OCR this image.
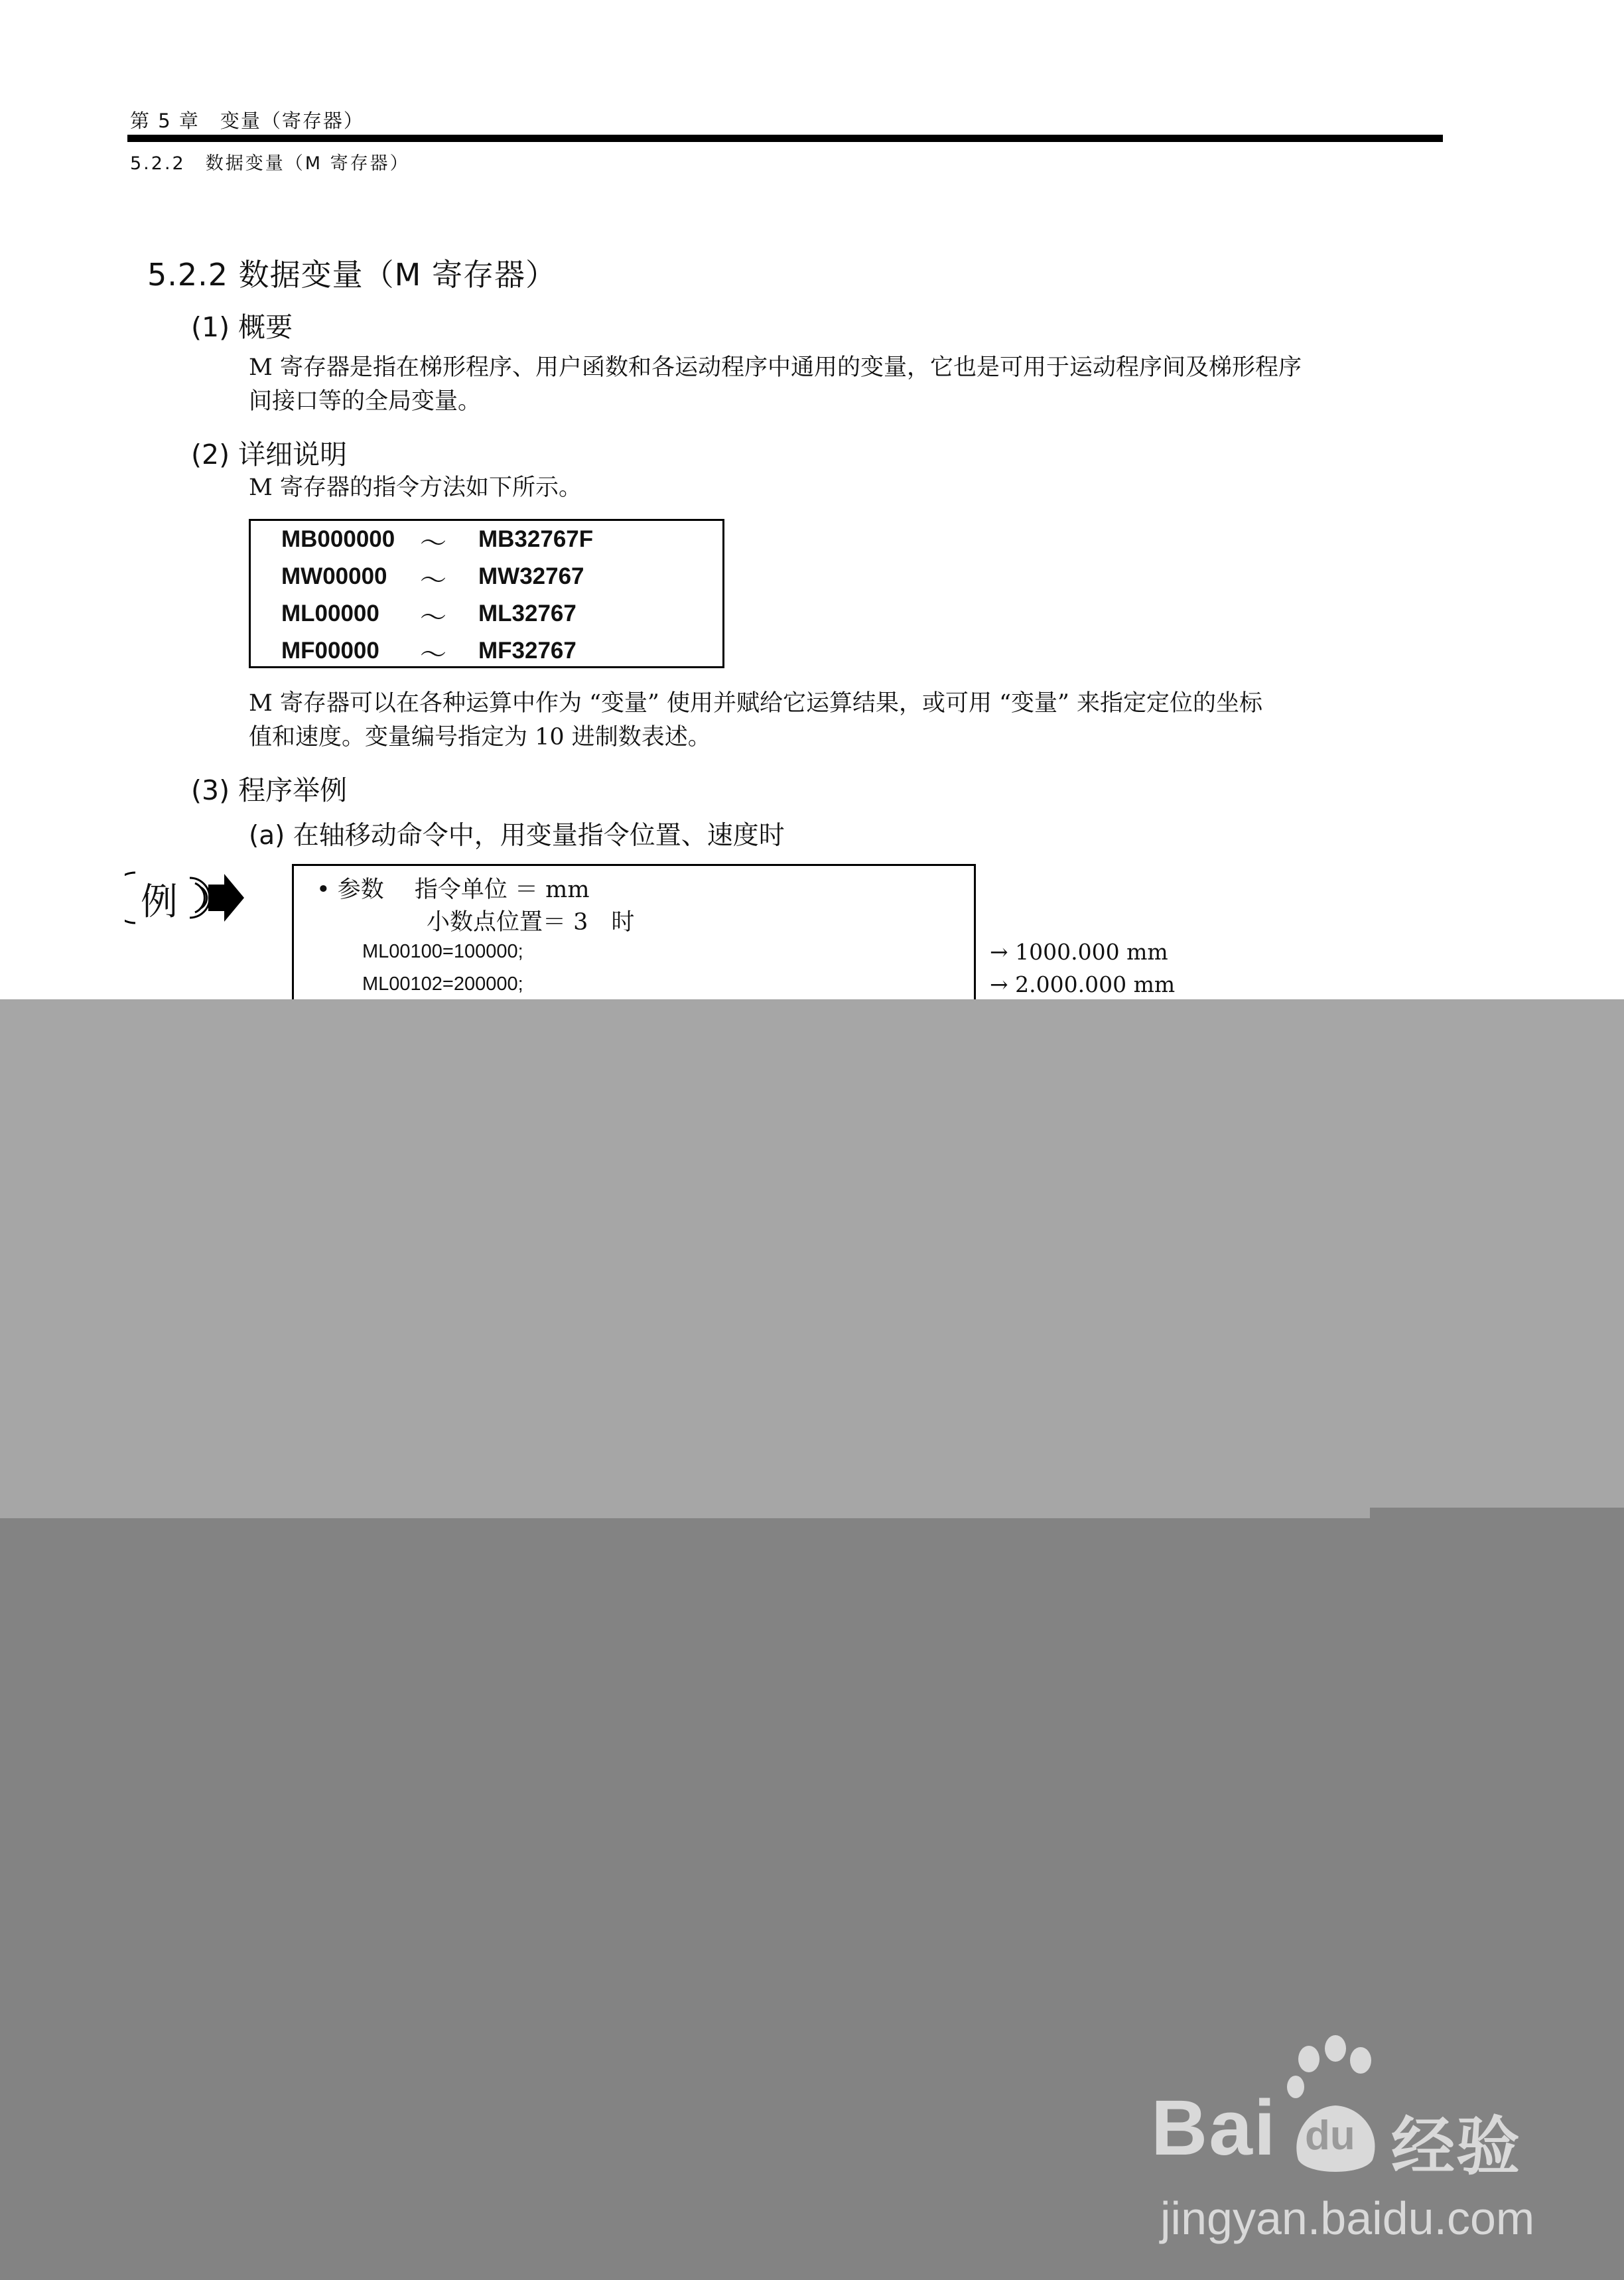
第 5 章　变量（寄存器）
5.2.2　数据变量（M 寄存器）
5.2.2 数据变量（M 寄存器）
(1) 概要
M 寄存器是指在梯形程序、用户函数和各运动程序中通用的变量，它也是可用于运动程序间及梯形程序
间接口等的全局变量。
(2) 详细说明
M 寄存器的指令方法如下所示。
MB000000 ～ MB32767F
MW00000 ～ MW32767
ML00000 ～ ML32767
MF00000 ～ MF32767
M 寄存器可以在各种运算中作为 “变量” 使用并赋给它运算结果，或可用 “变量” 来指定定位的坐标
值和速度。变量编号指定为 10 进制数表述。
(3) 程序举例
(a) 在轴移动命令中，用变量指令位置、速度时
例	• 参数　 指令单位 ＝ mm
小数点位置＝ 3　时
ML00100=100000;
ML00102=200000;
→ 1000.000 mm
→ 2.000.000 mm
Bai du 经验
jingyan.baidu.com
